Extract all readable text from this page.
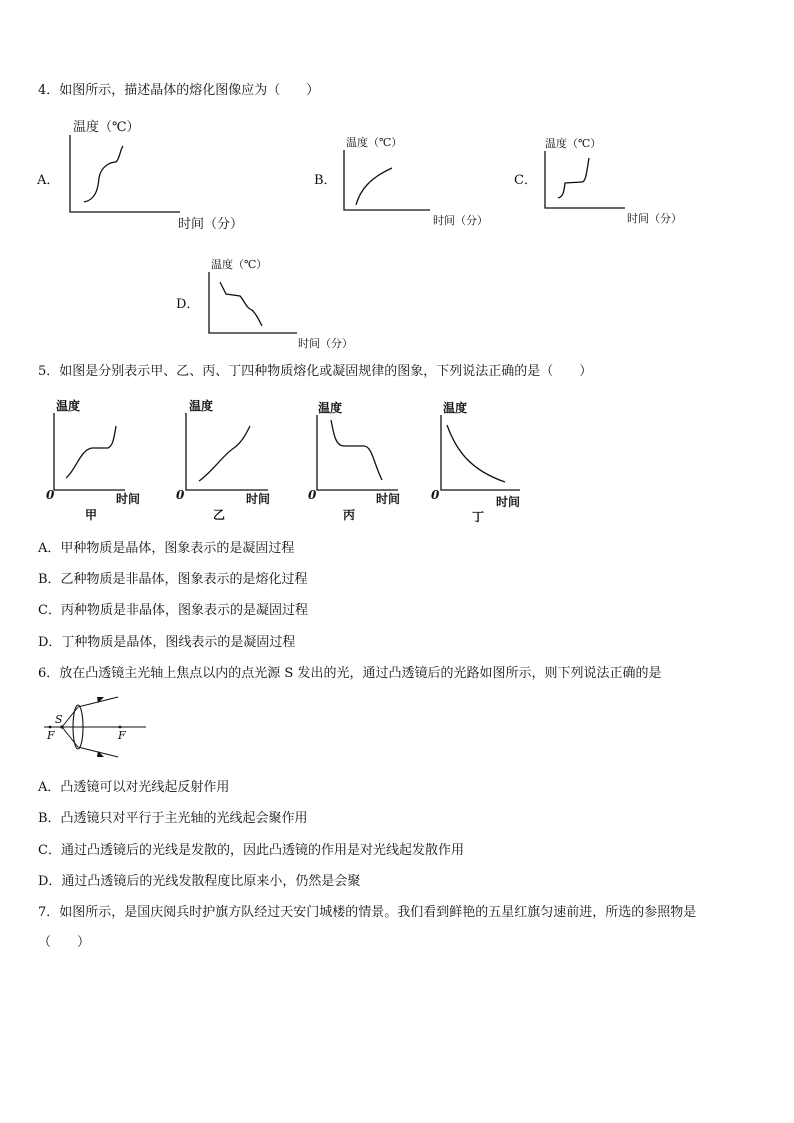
4．如图所示，描述晶体的熔化图像应为（　　）
A．
温度（℃）
时间（分）
B．
温度（℃）
时间（分）
C．
温度（℃）
时间（分）
D．
温度（℃）
时间（分）
5．如图是分别表示甲、乙、丙、丁四种物质熔化或凝固规律的图象，下列说法正确的是（　　）
温度
0	时间
甲
温度
0	时间
乙
温度
0	时间
丙
温度
0	时间
丁
A．甲种物质是晶体，图象表示的是凝固过程
B．乙种物质是非晶体，图象表示的是熔化过程
C．丙种物质是非晶体，图象表示的是凝固过程
D．丁种物质是晶体，图线表示的是凝固过程
6．放在凸透镜主光轴上焦点以内的点光源 S 发出的光，通过凸透镜后的光路如图所示，则下列说法正确的是
S
F	F
A．凸透镜可以对光线起反射作用
B．凸透镜只对平行于主光轴的光线起会聚作用
C．通过凸透镜后的光线是发散的，因此凸透镜的作用是对光线起发散作用
D．通过凸透镜后的光线发散程度比原来小，仍然是会聚
7．如图所示，是国庆阅兵时护旗方队经过天安门城楼的情景。我们看到鲜艳的五星红旗匀速前进，所选的参照物是
（　　）
